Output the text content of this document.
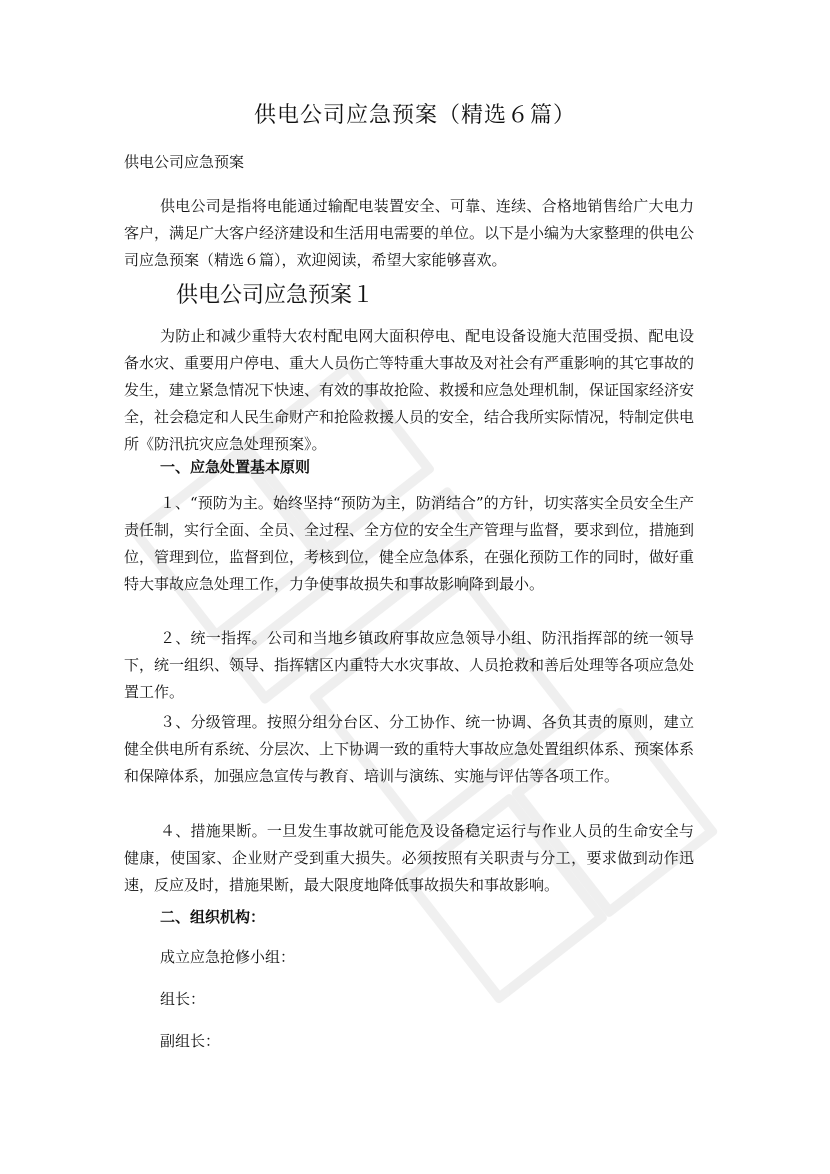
供电公司应急预案（精选６篇）

供电公司应急预案

供电公司是指将电能通过输配电装置安全、可靠、连续、合格地销售给广大电力客户，满足广大客户经济建设和生活用电需要的单位。以下是小编为大家整理的供电公司应急预案（精选６篇），欢迎阅读，希望大家能够喜欢。

供电公司应急预案１

为防止和减少重特大农村配电网大面积停电、配电设备设施大范围受损、配电设备水灾、重要用户停电、重大人员伤亡等特重大事故及对社会有严重影响的其它事故的发生，建立紧急情况下快速、有效的事故抢险、救援和应急处理机制，保证国家经济安全，社会稳定和人民生命财产和抢险救援人员的安全，结合我所实际情况，特制定供电所《防汛抗灾应急处理预案》。

一、应急处置基本原则

１、“预防为主。始终坚持“预防为主，防消结合”的方针，切实落实全员安全生产责任制，实行全面、全员、全过程、全方位的安全生产管理与监督，要求到位，措施到位，管理到位，监督到位，考核到位，健全应急体系，在强化预防工作的同时，做好重特大事故应急处理工作，力争使事故损失和事故影响降到最小。

２、统一指挥。公司和当地乡镇政府事故应急领导小组、防汛指挥部的统一领导下，统一组织、领导、指挥辖区内重特大水灾事故、人员抢救和善后处理等各项应急处置工作。

３、分级管理。按照分组分台区、分工协作、统一协调、各负其责的原则，建立健全供电所有系统、分层次、上下协调一致的重特大事故应急处置组织体系、预案体系和保障体系，加强应急宣传与教育、培训与演练、实施与评估等各项工作。

４、措施果断。一旦发生事故就可能危及设备稳定运行与作业人员的生命安全与健康，使国家、企业财产受到重大损失。必须按照有关职责与分工，要求做到动作迅速，反应及时，措施果断，最大限度地降低事故损失和事故影响。

二、组织机构：

成立应急抢修小组：

组长：

副组长：
